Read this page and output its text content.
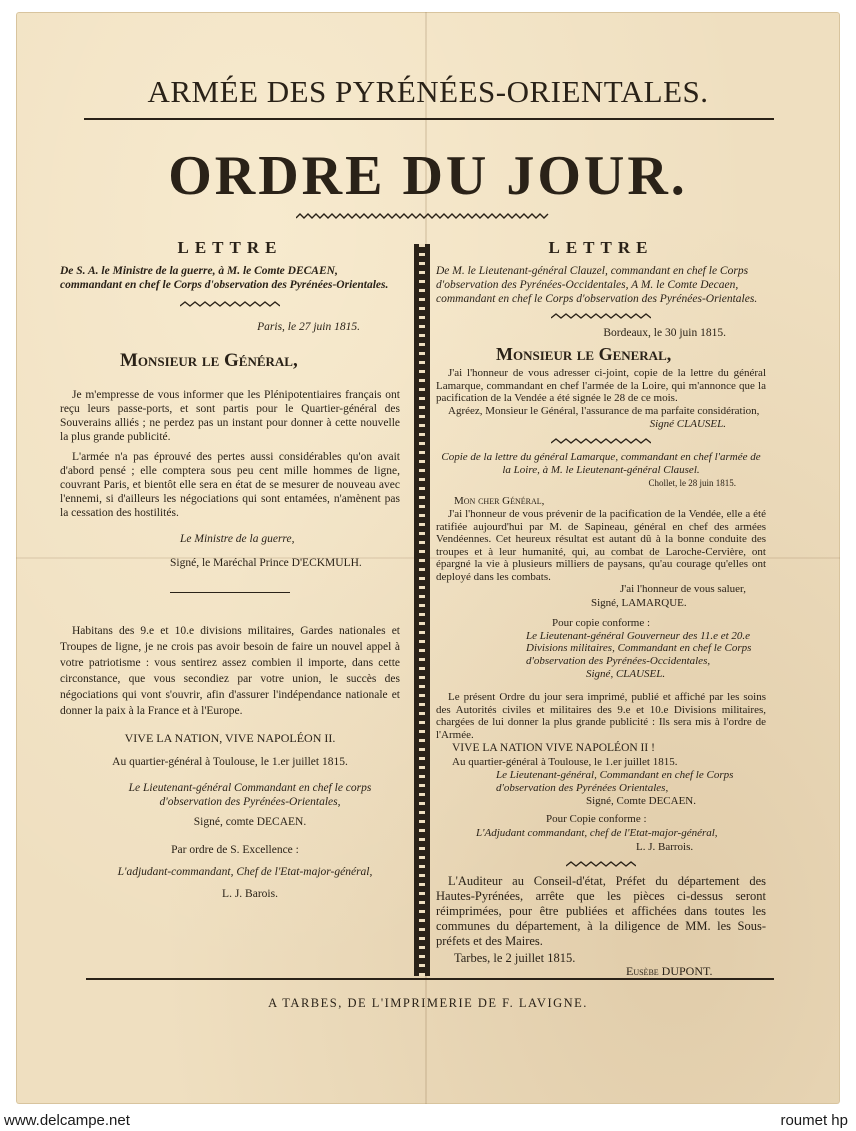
ARMÉE DES PYRÉNÉES-ORIENTALES.
ORDRE DU JOUR.
LETTRE

De S. A. le Ministre de la guerre, à M. le Comte DECAEN, commandant en chef le Corps d'observation des Pyrénées-Orientales.

Paris, le 27 juin 1815.

Monsieur le Général,

Je m'empresse de vous informer que les Plénipotentiaires français ont reçu leurs passe-ports, et sont partis pour le Quartier-général des Souverains alliés ; ne perdez pas un instant pour donner à cette nouvelle la plus grande publicité.

L'armée n'a pas éprouvé des pertes aussi considérables qu'on avait d'abord pensé ; elle comptera sous peu cent mille hommes de ligne, couvrant Paris, et bientôt elle sera en état de se mesurer de nouveau avec l'ennemi, si d'ailleurs les négociations qui sont entamées, n'amènent pas la cessation des hostilités.

Le Ministre de la guerre,

Signé, le Maréchal Prince D'ECKMULH.

Habitans des 9.e et 10.e divisions militaires, Gardes nationales et Troupes de ligne, je ne crois pas avoir besoin de faire un nouvel appel à votre patriotisme : vous sentirez assez combien il importe, dans cette circonstance, que vous secondiez par votre union, le succès des négociations qui vont s'ouvrir, afin d'assurer l'indépendance nationale et donner la paix à la France et à l'Europe.

VIVE LA NATION, VIVE NAPOLÉON II.

Au quartier-général à Toulouse, le 1.er juillet 1815.

Le Lieutenant-général Commandant en chef le corps d'observation des Pyrénées-Orientales,

Signé, comte DECAEN.

Par ordre de S. Excellence :

L'adjudant-commandant, Chef de l'Etat-major-général,

L. J. Barois.

LETTRE

De M. le Lieutenant-général Clauzel, commandant en chef le Corps d'observation des Pyrénées-Occidentales, A M. le Comte Decaen, commandant en chef le Corps d'observation des Pyrénées-Orientales.

Bordeaux, le 30 juin 1815.

Monsieur le General,

J'ai l'honneur de vous adresser ci-joint, copie de la lettre du général Lamarque, commandant en chef l'armée de la Loire, qui m'annonce que la pacification de la Vendée a été signée le 28 de ce mois.

Agréez, Monsieur le Général, l'assurance de ma parfaite considération,

Signé CLAUSEL.

Copie de la lettre du général Lamarque, commandant en chef l'armée de la Loire, à M. le Lieutenant-général Clausel.

Chollet, le 28 juin 1815.

Mon cher Général,

J'ai l'honneur de vous prévenir de la pacification de la Vendée, elle a été ratifiée aujourd'hui par M. de Sapineau, général en chef des armées Vendéennes. Cet heureux résultat est autant dû à la bonne conduite des troupes et à leur humanité, qui, au combat de Laroche-Cervière, ont épargné la vie à plusieurs milliers de paysans, qu'au courage qu'elles ont deployé dans les combats.

J'ai l'honneur de vous saluer,

Signé, LAMARQUE.

Pour copie conforme :

Le Lieutenant-général Gouverneur des 11.e et 20.e Divisions militaires, Commandant en chef le Corps d'observation des Pyrénées-Occidentales,

Signé, CLAUSEL.

Le présent Ordre du jour sera imprimé, publié et affiché par les soins des Autorités civiles et militaires des 9.e et 10.e Divisions militaires, chargées de lui donner la plus grande publicité : Ils sera mis à l'ordre de l'Armée.

VIVE LA NATION VIVE NAPOLÉON II !

Au quartier-général à Toulouse, le 1.er juillet 1815.

Le Lieutenant-général, Commandant en chef le Corps d'observation des Pyrénées Orientales,

Signé, Comte DECAEN.

Pour Copie conforme :

L'Adjudant commandant, chef de l'Etat-major-général,

L. J. Barrois.

L'Auditeur au Conseil-d'état, Préfet du département des Hautes-Pyrénées, arrête que les pièces ci-dessus seront réimprimées, pour être publiées et affichées dans toutes les communes du département, à la diligence de MM. les Sous-préfets et des Maires.

Tarbes, le 2 juillet 1815.

Eusèbe DUPONT.

A TARBES, DE L'IMPRIMERIE DE F. LAVIGNE.
www.delcampe.net	roumet hp
